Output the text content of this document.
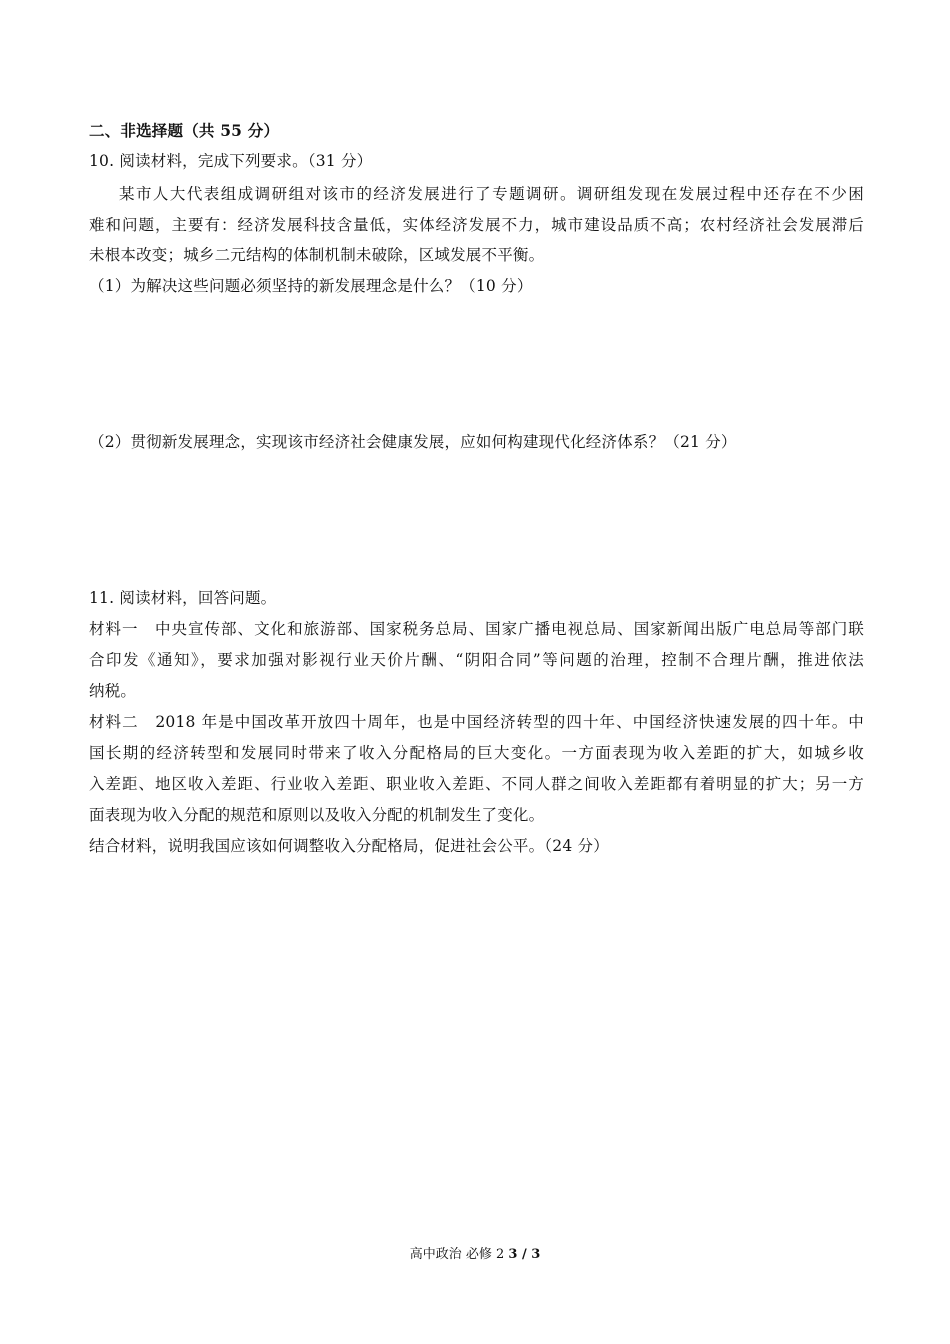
二、非选择题（共 55 分）
10. 阅读材料，完成下列要求。（31 分）
某市人大代表组成调研组对该市的经济发展进行了专题调研。调研组发现在发展过程中还存在不少困
难和问题，主要有：经济发展科技含量低，实体经济发展不力，城市建设品质不高；农村经济社会发展滞后
未根本改变；城乡二元结构的体制机制未破除，区域发展不平衡。
（1）为解决这些问题必须坚持的新发展理念是什么？（10 分）
（2）贯彻新发展理念，实现该市经济社会健康发展，应如何构建现代化经济体系？（21 分）
11. 阅读材料，回答问题。
材料一　中央宣传部、文化和旅游部、国家税务总局、国家广播电视总局、国家新闻出版广电总局等部门联
合印发《通知》，要求加强对影视行业天价片酬、“阴阳合同”等问题的治理，控制不合理片酬，推进依法
纳税。
材料二　2018 年是中国改革开放四十周年，也是中国经济转型的四十年、中国经济快速发展的四十年。中
国长期的经济转型和发展同时带来了收入分配格局的巨大变化。一方面表现为收入差距的扩大，如城乡收
入差距、地区收入差距、行业收入差距、职业收入差距、不同人群之间收入差距都有着明显的扩大；另一方
面表现为收入分配的规范和原则以及收入分配的机制发生了变化。
结合材料，说明我国应该如何调整收入分配格局，促进社会公平。（24 分）
高中政治 必修 2 3 / 3
